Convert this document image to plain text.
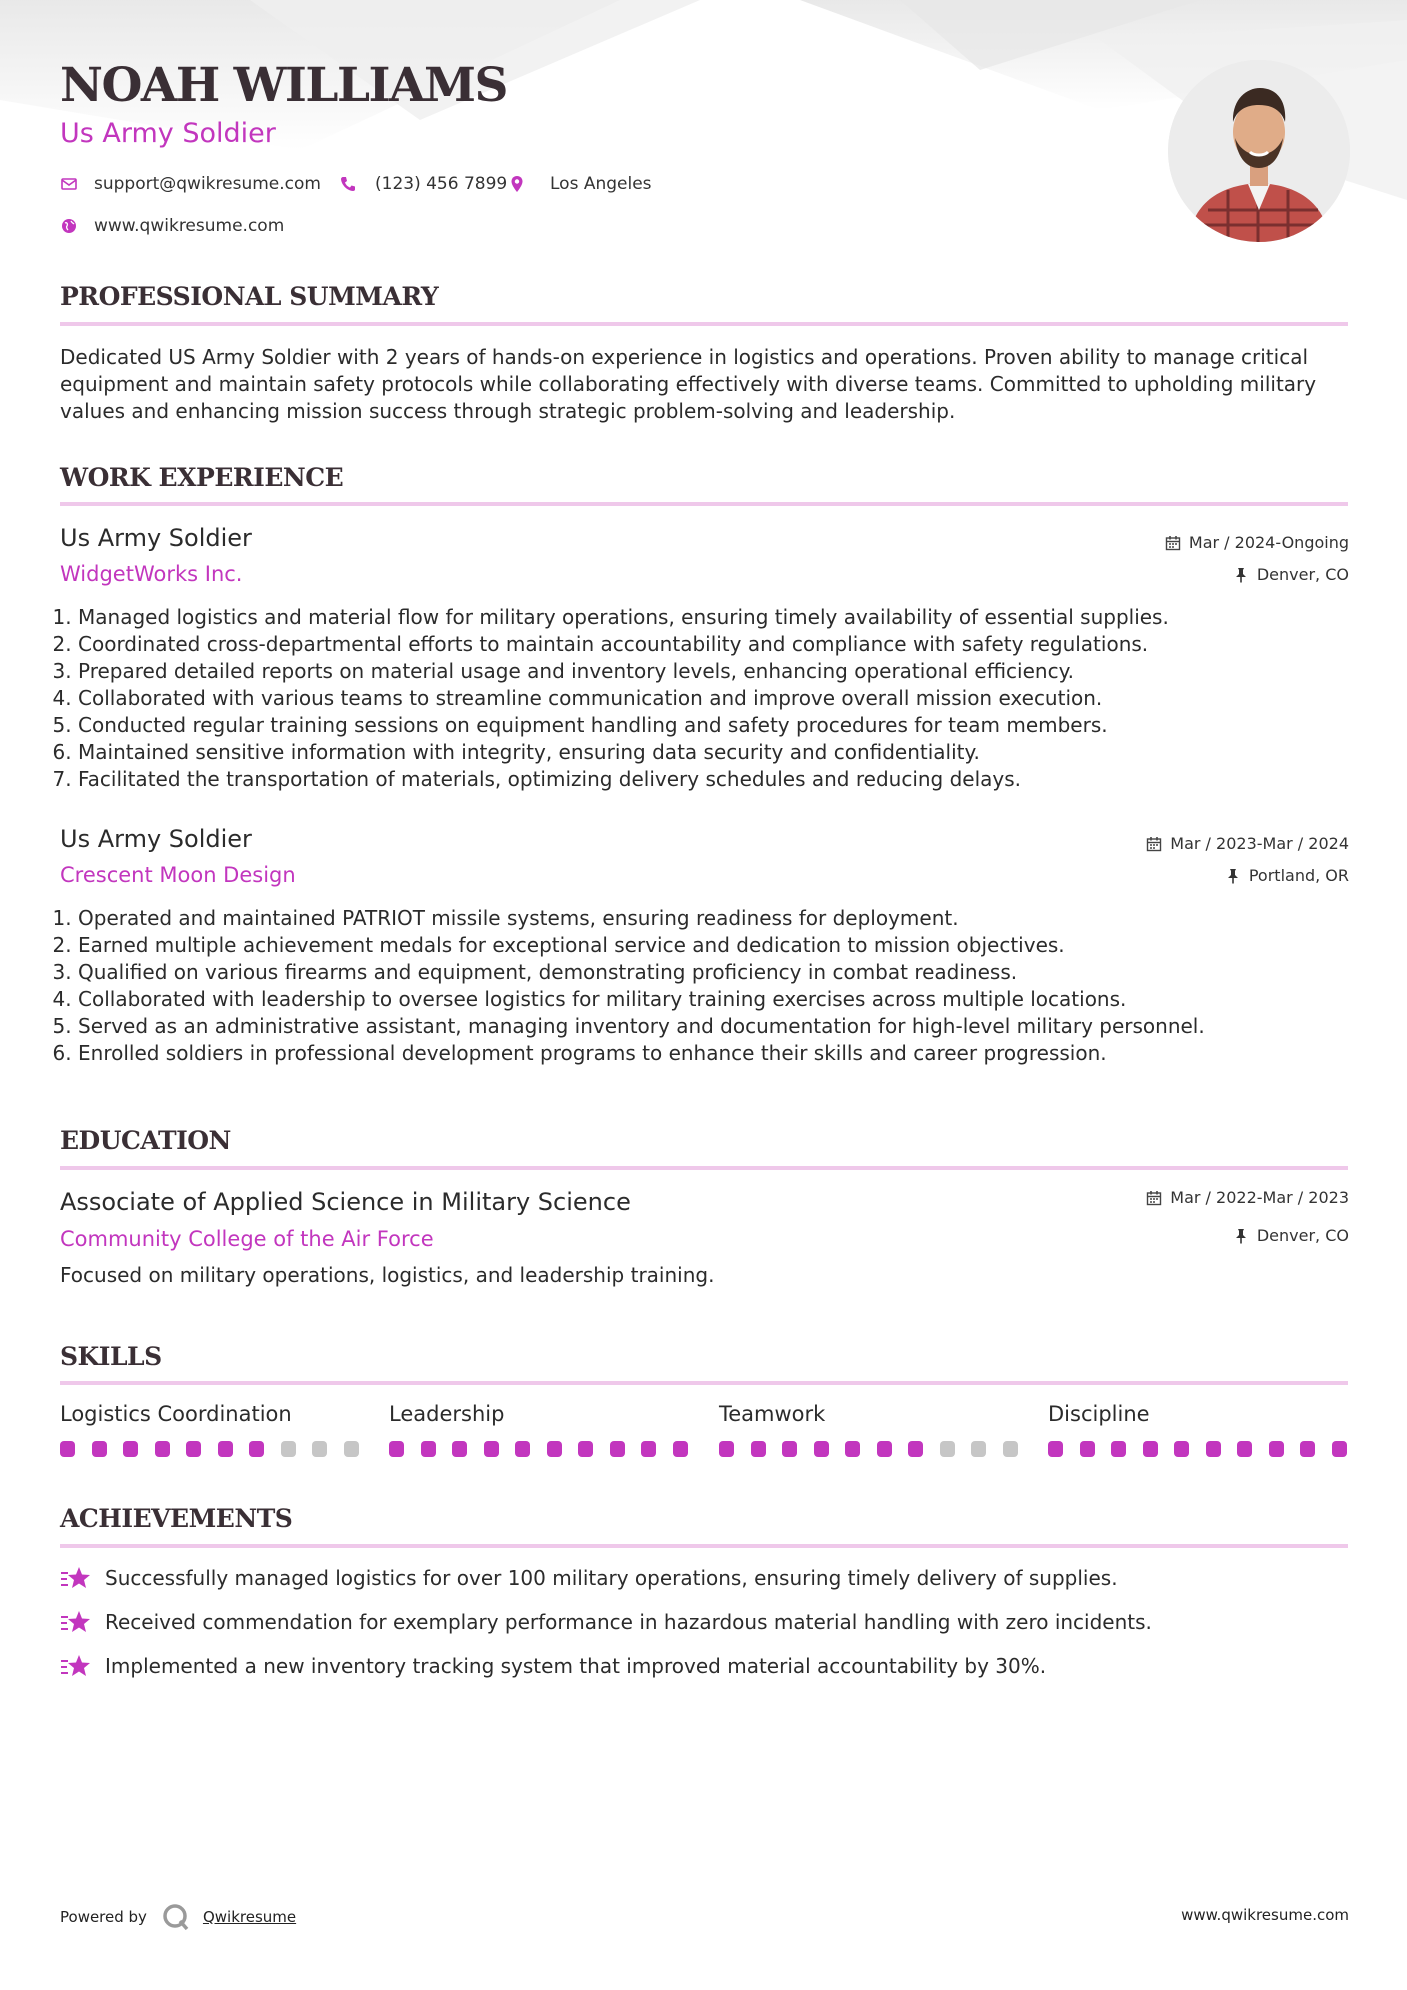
NOAH WILLIAMS
Us Army Soldier
support@qwikresume.com	(123) 456 7899	Los Angeles
www.qwikresume.com
PROFESSIONAL SUMMARY
Dedicated US Army Soldier with 2 years of hands-on experience in logistics and operations. Proven ability to manage critical equipment and maintain safety protocols while collaborating effectively with diverse teams. Committed to upholding military values and enhancing mission success through strategic problem-solving and leadership.
WORK EXPERIENCE
Us Army Soldier
WidgetWorks Inc.
Mar / 2024-Ongoing
Denver, CO
1. Managed logistics and material flow for military operations, ensuring timely availability of essential supplies.
2. Coordinated cross-departmental efforts to maintain accountability and compliance with safety regulations.
3. Prepared detailed reports on material usage and inventory levels, enhancing operational efficiency.
4. Collaborated with various teams to streamline communication and improve overall mission execution.
5. Conducted regular training sessions on equipment handling and safety procedures for team members.
6. Maintained sensitive information with integrity, ensuring data security and confidentiality.
7. Facilitated the transportation of materials, optimizing delivery schedules and reducing delays.
Us Army Soldier
Crescent Moon Design
Mar / 2023-Mar / 2024
Portland, OR
1. Operated and maintained PATRIOT missile systems, ensuring readiness for deployment.
2. Earned multiple achievement medals for exceptional service and dedication to mission objectives.
3. Qualified on various firearms and equipment, demonstrating proficiency in combat readiness.
4. Collaborated with leadership to oversee logistics for military training exercises across multiple locations.
5. Served as an administrative assistant, managing inventory and documentation for high-level military personnel.
6. Enrolled soldiers in professional development programs to enhance their skills and career progression.
EDUCATION
Associate of Applied Science in Military Science
Community College of the Air Force
Mar / 2022-Mar / 2023
Denver, CO
Focused on military operations, logistics, and leadership training.
SKILLS
Logistics Coordination	Leadership	Teamwork	Discipline
ACHIEVEMENTS
Successfully managed logistics for over 100 military operations, ensuring timely delivery of supplies.
Received commendation for exemplary performance in hazardous material handling with zero incidents.
Implemented a new inventory tracking system that improved material accountability by 30%.
Powered by	Qwikresume	www.qwikresume.com
